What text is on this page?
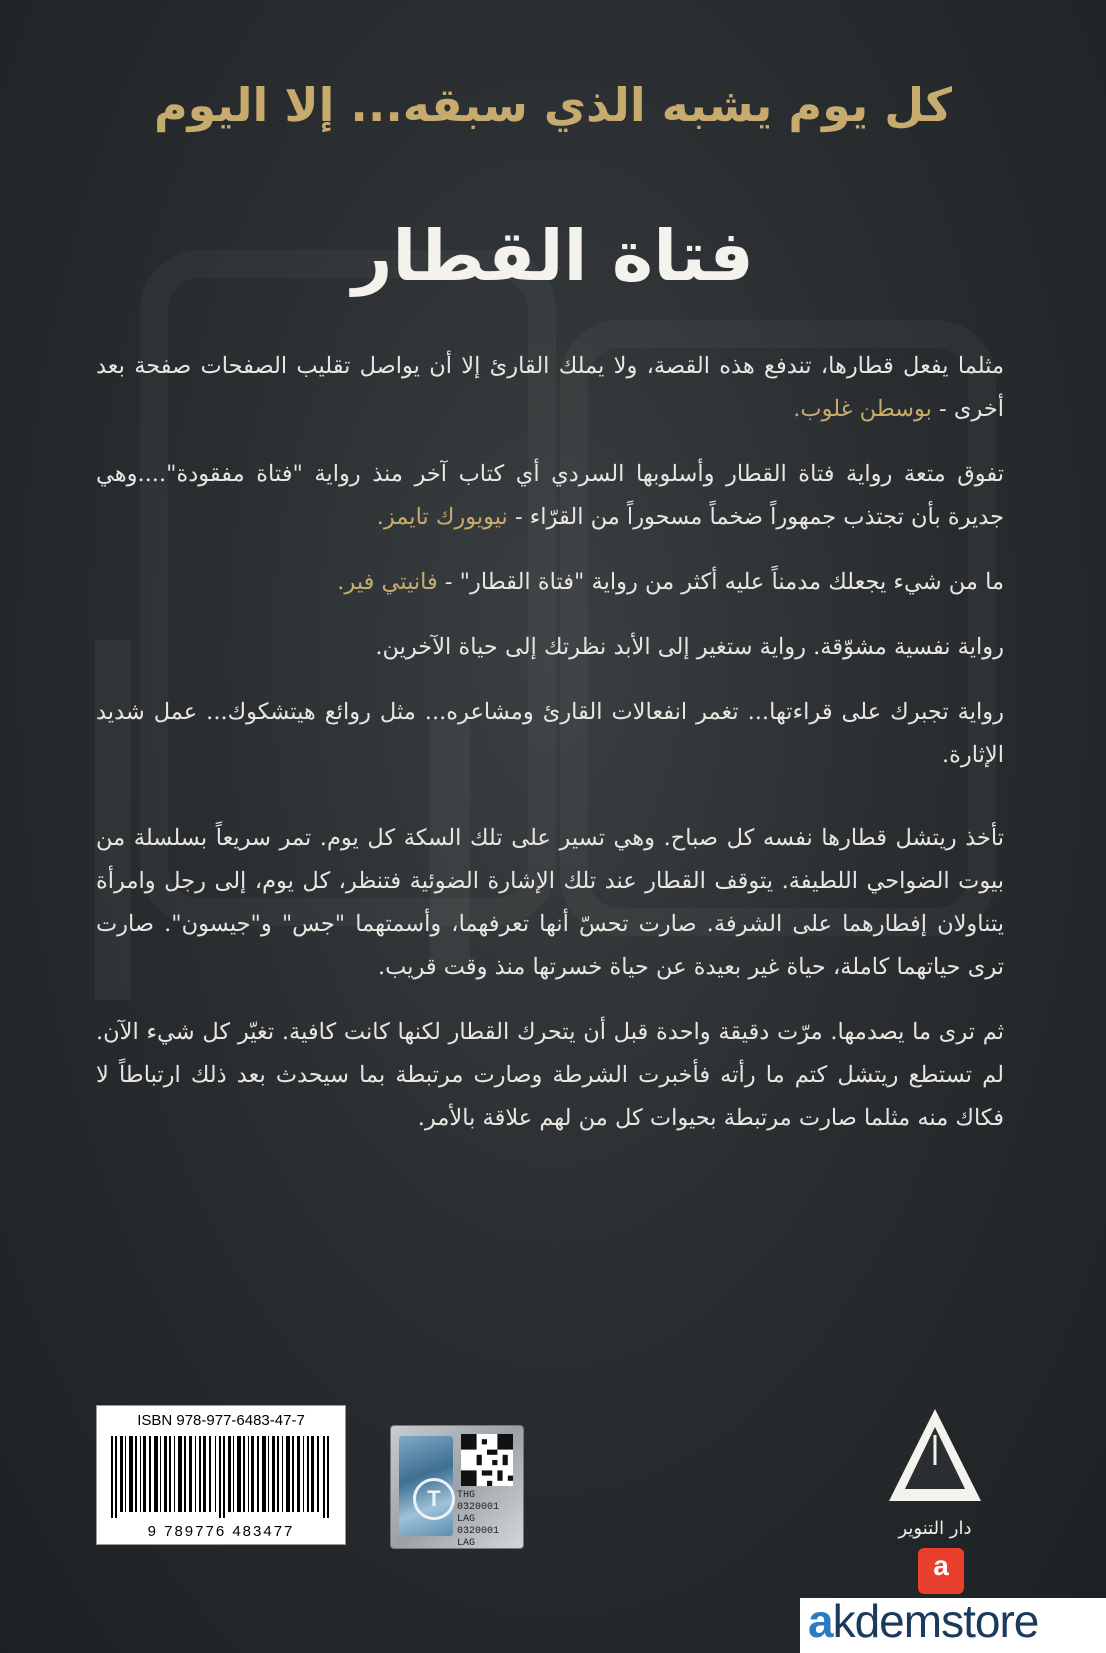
كل يوم يشبه الذي سبقه... إلا اليوم
فتاة القطار

مثلما يفعل قطارها، تندفع هذه القصة، ولا يملك القارئ إلا أن يواصل تقليب الصفحات صفحة بعد أخرى - بوسطن غلوب.

تفوق متعة رواية فتاة القطار وأسلوبها السردي أي كتاب آخر منذ رواية "فتاة مفقودة"....وهي جديرة بأن تجتذب جمهوراً ضخماً مسحوراً من القرّاء - نيويورك تايمز.

ما من شيء يجعلك مدمناً عليه أكثر من رواية "فتاة القطار" - فانيتي فير.

رواية نفسية مشوّقة. رواية ستغير إلى الأبد نظرتك إلى حياة الآخرين.

رواية تجبرك على قراءتها... تغمر انفعالات القارئ ومشاعره... مثل روائع هيتشكوك... عمل شديد الإثارة.

تأخذ ريتشل قطارها نفسه كل صباح. وهي تسير على تلك السكة كل يوم. تمر سريعاً بسلسلة من بيوت الضواحي اللطيفة. يتوقف القطار عند تلك الإشارة الضوئية فتنظر، كل يوم، إلى رجل وامرأة يتناولان إفطارهما على الشرفة. صارت تحسّ أنها تعرفهما، وأسمتهما "جس" و"جيسون". صارت ترى حياتهما كاملة، حياة غير بعيدة عن حياة خسرتها منذ وقت قريب.

ثم ترى ما يصدمها. مرّت دقيقة واحدة قبل أن يتحرك القطار لكنها كانت كافية. تغيّر كل شيء الآن. لم تستطع ريتشل كتم ما رأته فأخبرت الشرطة وصارت مرتبطة بما سيحدث بعد ذلك ارتباطاً لا فكاك منه مثلما صارت مرتبطة بحيوات كل من لهم علاقة بالأمر.

ISBN 978-977-6483-47-7
9 789776 483477
T	THG
0320001
LAG
0320001 LAG
دار التنوير
a
akdemstore
